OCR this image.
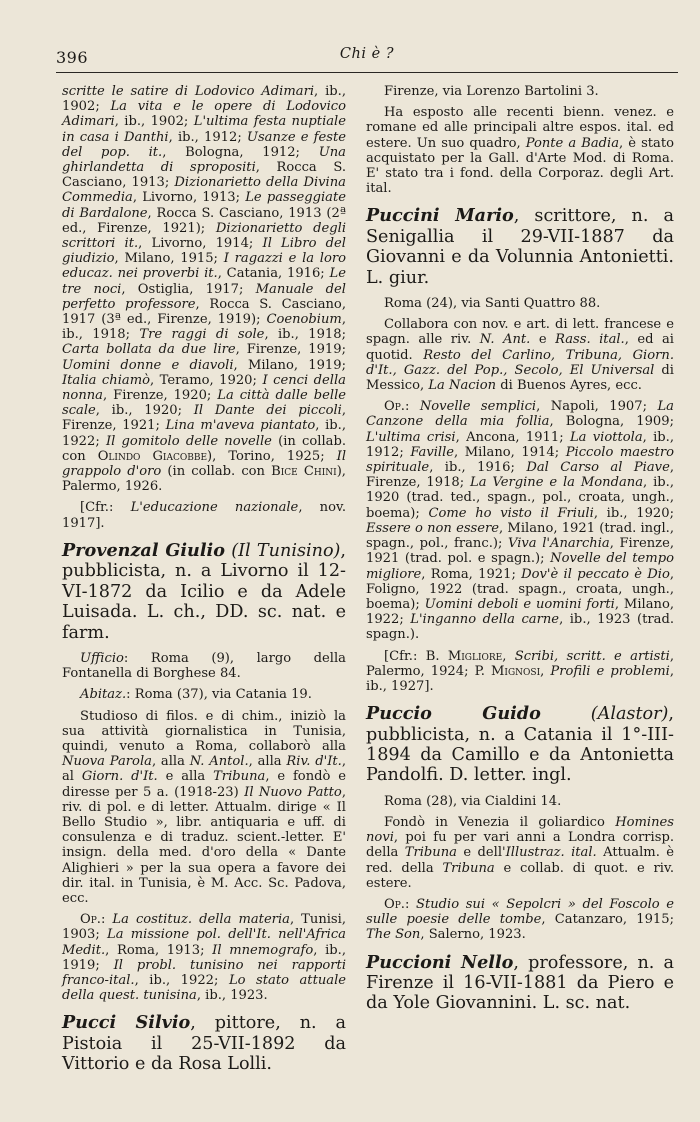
396	Chi è ?

scritte le satire di Lodovico Adimari, ib., 1902; La vita e le opere di Lodovico Adimari, ib., 1902; L'ultima festa nuptiale in casa i Danthi, ib., 1912; Usanze e feste del pop. it., Bologna, 1912; Una ghirlandetta di spropositi, Rocca S. Casciano, 1913; Dizionarietto della Divina Commedia, Livorno, 1913; Le passeggiate di Bardalone, Rocca S. Casciano, 1913 (2ª ed., Firenze, 1921); Dizionarietto degli scrittori it., Livorno, 1914; Il Libro del giudizio, Milano, 1915; I ragazzi e la loro educaz. nei proverbi it., Catania, 1916; Le tre noci, Ostiglia, 1917; Manuale del perfetto professore, Rocca S. Casciano, 1917 (3ª ed., Firenze, 1919); Coenobium, ib., 1918; Tre raggi di sole, ib., 1918; Carta bollata da due lire, Firenze, 1919; Uomini donne e diavoli, Milano, 1919; Italia chiamò, Teramo, 1920; I cenci della nonna, Firenze, 1920; La città dalle belle scale, ib., 1920; Il Dante dei piccoli, Firenze, 1921; Lina m'aveva piantato, ib., 1922; Il gomitolo delle novelle (in collab. con Olindo Giacobbe), Torino, 1925; Il grappolo d'oro (in collab. con Bice Chini), Palermo, 1926.

[Cfr.: L'educazione nazionale, nov. 1917].

Provenzal Giulio (Il Tunisino), pubblicista, n. a Livorno il 12-VI-1872 da Icilio e da Adele Luisada. L. ch., DD. sc. nat. e farm.

Ufficio: Roma (9), largo della Fontanella di Borghese 84.

Abitaz.: Roma (37), via Catania 19.

Studioso di filos. e di chim., iniziò la sua attività giornalistica in Tunisia, quindi, venuto a Roma, collaborò alla Nuova Parola, alla N. Antol., alla Riv. d'It., al Giorn. d'It. e alla Tribuna, e fondò e diresse per 5 a. (1918-23) Il Nuovo Patto, riv. di pol. e di letter. Attualm. dirige « Il Bello Studio », libr. antiquaria e uff. di consulenza e di traduz. scient.-letter. E' insign. della med. d'oro della « Dante Alighieri » per la sua opera a favore dei dir. ital. in Tunisia, è M. Acc. Sc. Padova, ecc.

Op.: La costituz. della materia, Tunisi, 1903; La missione pol. dell'It. nell'Africa Medit., Roma, 1913; Il mnemografo, ib., 1919; Il probl. tunisino nei rapporti franco-ital., ib., 1922; Lo stato attuale della quest. tunisina, ib., 1923.

Pucci Silvio, pittore, n. a Pistoia il 25-VII-1892 da Vittorio e da Rosa Lolli.

Firenze, via Lorenzo Bartolini 3.

Ha esposto alle recenti bienn. venez. e romane ed alle principali altre espos. ital. ed estere. Un suo quadro, Ponte a Badia, è stato acquistato per la Gall. d'Arte Mod. di Roma. E' stato tra i fond. della Corporaz. degli Art. ital.

Puccini Mario, scrittore, n. a Senigallia il 29-VII-1887 da Giovanni e da Volunnia Antonietti. L. giur.

Roma (24), via Santi Quattro 88.

Collabora con nov. e art. di lett. francese e spagn. alle riv. N. Ant. e Rass. ital., ed ai quotid. Resto del Carlino, Tribuna, Giorn. d'It., Gazz. del Pop., Secolo, El Universal di Messico, La Nacion di Buenos Ayres, ecc.

Op.: Novelle semplici, Napoli, 1907; La Canzone della mia follia, Bologna, 1909; L'ultima crisi, Ancona, 1911; La viottola, ib., 1912; Faville, Milano, 1914; Piccolo maestro spirituale, ib., 1916; Dal Carso al Piave, Firenze, 1918; La Vergine e la Mondana, ib., 1920 (trad. ted., spagn., pol., croata, ungh., boema); Come ho visto il Friuli, ib., 1920; Essere o non essere, Milano, 1921 (trad. ingl., spagn., pol., franc.); Viva l'Anarchia, Firenze, 1921 (trad. pol. e spagn.); Novelle del tempo migliore, Roma, 1921; Dov'è il peccato è Dio, Foligno, 1922 (trad. spagn., croata, ungh., boema); Uomini deboli e uomini forti, Milano, 1922; L'inganno della carne, ib., 1923 (trad. spagn.).

[Cfr.: B. Migliore, Scribi, scritt. e artisti, Palermo, 1924; P. Mignosi, Profili e problemi, ib., 1927].

Puccio Guido	(Alastor), pubblicista, n. a Catania il 1°-III-1894 da Camillo e da Antonietta Pandolfi. D. letter. ingl.

Roma (28), via Cialdini 14.

Fondò in Venezia il goliardico Homines novi, poi fu per vari anni a Londra corrisp. della Tribuna e dell'Illustraz. ital. Attualm. è red. della Tribuna e collab. di quot. e riv. estere.

Op.: Studio sui « Sepolcri » del Foscolo e sulle poesie delle tombe, Catanzaro, 1915; The Son, Salerno, 1923.

Puccioni Nello, professore, n. a Firenze il 16-VII-1881 da Piero e da Yole Giovannini. L. sc. nat.
